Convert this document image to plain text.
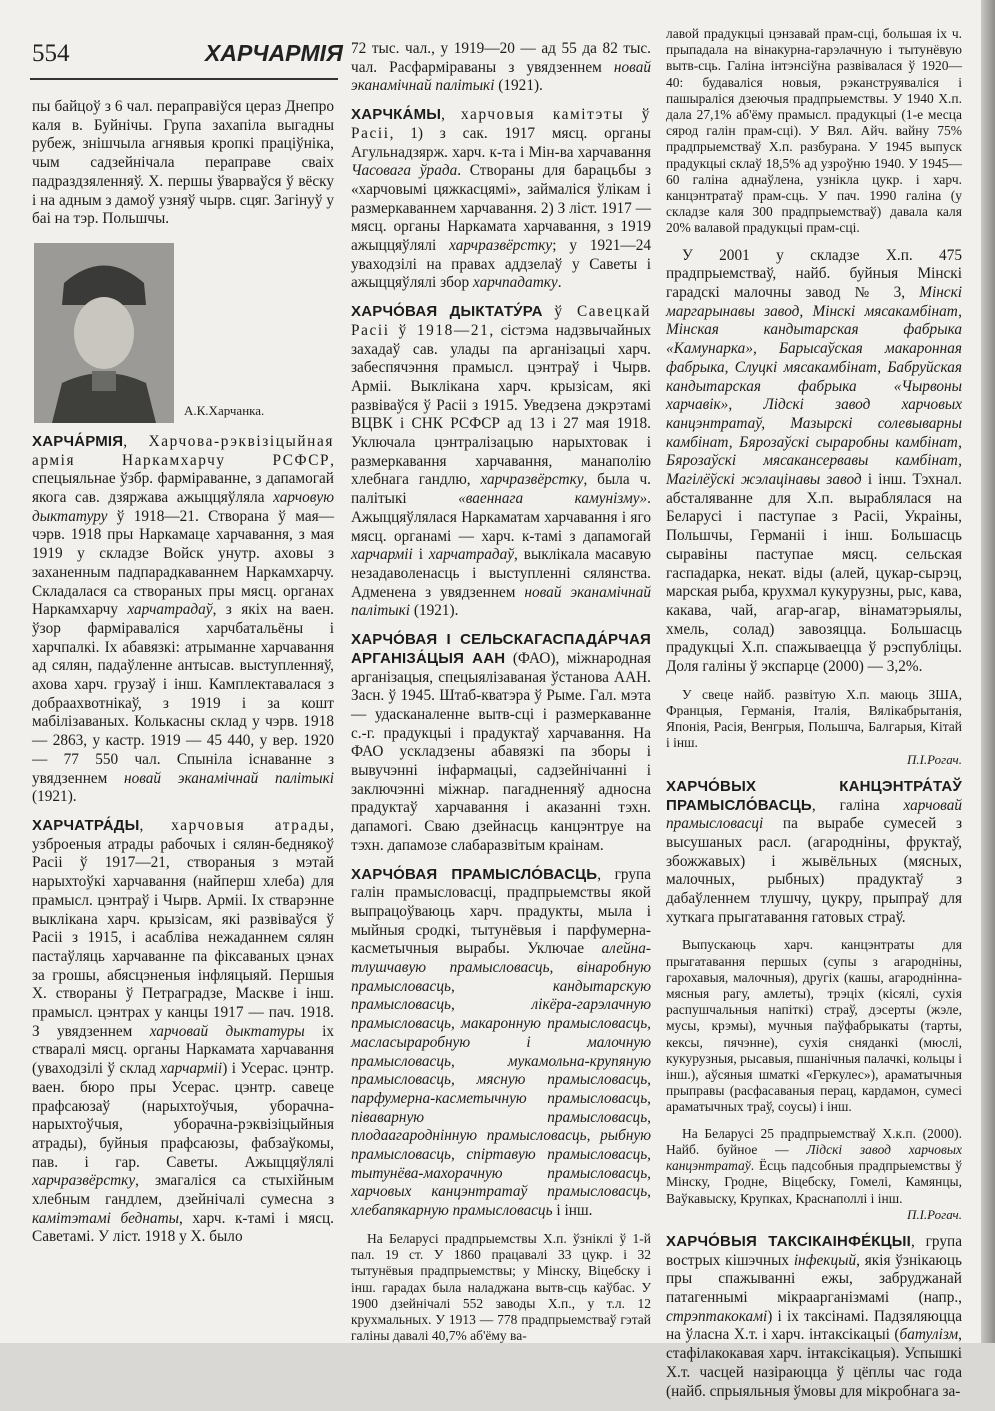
554	ХАРЧАРМІЯ

пы байцоў з 6 чал. пераправіўся цераз Днепро каля в. Буйнічы. Група захапіла выгадны рубеж, знішчыла агнявыя кропкі праціўніка, чым садзейнічала пераправе сваіх падраздзяленняў. Х. першы ўварваўся ў вёску і на адным з дамоў узняў чырв. сцяг. Загінуў у баі на тэр. Польшчы.

А.К.Харчанка.

ХАРЧА́РМІЯ, Харчова-рэквізіцыйная армія Наркамхарчу РСФСР, спецыяльнае ўзбр. фарміраванне, з дапамогай якога сав. дзяржава ажыццяўляла харчовую дыктатуру ў 1918—21. Створана ў мая—чэрв. 1918 пры Наркамаце харчавання, з мая 1919 у складзе Войск унутр. аховы з заханенным падпарадкаваннем Наркамхарчу. Складалася са створаных пры мясц. органах Наркамхарчу харчатрадаў, з якіх на ваен. ўзор фарміраваліся харчбатальёны і харчпалкі. Іх абавязкі: атрыманне харчавання ад сялян, падаўленне антысав. выступленняў, ахова харч. грузаў і інш. Камплектавалася з добраахвотнікаў, з 1919 і за кошт мабілізаваных. Колькасны склад у чэрв. 1918 — 2863, у кастр. 1919 — 45 440, у вер. 1920 — 77 550 чал. Спыніла існаванне з увядзеннем новай эканамічнай палітыкі (1921).

ХАРЧАТРА́ДЫ, харчовыя атрады, узброеныя атрады рабочых і сялян-беднякоў Расіі ў 1917—21, створаныя з мэтай нарыхтоўкі харчавання (найперш хлеба) для прамысл. цэнтраў і Чырв. Арміі. Іх стварэнне выклікана харч. крызісам, які развіваўся ў Расіі з 1915, і асабліва нежаданнем сялян пастаўляць харчаванне па фіксаваных цэнах за грошы, абясцэненыя інфляцыяй. Першыя Х. створаны ў Петраградзе, Маскве і інш. прамысл. цэнтрах у канцы 1917 — пач. 1918. З увядзеннем харчовай дыктатуры іх стваралі мясц. органы Наркамата харчавання (уваходзілі ў склад харчарміі) і Усерас. цэнтр. ваен. бюро пры Усерас. цэнтр. савеце прафсаюзаў (нарыхтоўчыя, уборачна-нарыхтоўчыя, уборачна-рэквізіцыйныя атрады), буйныя прафсаюзы, фабзаўкомы, пав. і гар. Саветы. Ажыццяўлялі харчразвёрстку, змагаліся са стыхійным хлебным гандлем, дзейнічалі сумесна з камітэтамі беднаты, харч. к-тамі і мясц. Саветамі. У ліст. 1918 у Х. было

72 тыс. чал., у 1919—20 — ад 55 да 82 тыс. чал. Расфарміраваны з увядзеннем новай эканамічнай палітыкі (1921).

ХАРЧКА́МЫ, харчовыя камітэты ў Расіі, 1) з сак. 1917 мясц. органы Агульнадзярж. харч. к-та і Мін-ва харчавання Часовага ўрада. Створаны для барацьбы з «харчовымі цяжкасцямі», займаліся ўлікам і размеркаваннем харчавання. 2) З ліст. 1917 — мясц. органы Наркамата харчавання, з 1919 ажыццяўлялі харчразвёрстку; у 1921—24 уваходзілі на правах аддзелаў у Саветы і ажыццяўлялі збор харчпадатку.

ХАРЧО́ВАЯ ДЫКТАТУ́РА ў Савецкай Расіі ў 1918—21, сістэма надзвычайных захадаў сав. улады па арганізацыі харч. забеспячэння прамысл. цэнтраў і Чырв. Арміі. Выклікана харч. крызісам, які развіваўся ў Расіі з 1915. Уведзена дэкрэтамі ВЦВК і СНК РСФСР ад 13 і 27 мая 1918. Уключала цэнтралізацыю нарыхтовак і размеркавання харчавання, манаполію хлебнага гандлю, харчразвёрстку, была ч. палітыкі «ваеннага камунізму». Ажыццяўлялася Наркаматам харчавання і яго мясц. органамі — харч. к-тамі з дапамогай харчарміі і харчатрадаў, выклікала масавую незадаволенасць і выступленні сялянства. Адменена з увядзеннем новай эканамічнай палітыкі (1921).

ХАРЧО́ВАЯ І СЕЛЬСКАГАСПАДА́РЧАЯ АРГАНІЗА́ЦЫЯ ААН (ФАО), міжнародная арганізацыя, спецыялізаваная ўстанова ААН. Засн. ў 1945. Штаб-кватэра ў Рыме. Гал. мэта — удасканаленне вытв-сці і размеркаванне с.-г. прадукцыі і прадуктаў харчавання. На ФАО ускладзены абавязкі па зборы і вывучэнні інфармацыі, садзейнічанні і заключэнні міжнар. пагадненняў адносна прадуктаў харчавання і аказанні тэхн. дапамогі. Сваю дзейнасць канцэнтруе на тэхн. дапамозе слабаразвітым краінам.

ХАРЧО́ВАЯ ПРАМЫСЛО́ВАСЦЬ, група галін прамысловасці, прадпрыемствы якой выпрацоўваюць харч. прадукты, мыла і мыйныя сродкі, тытунёвыя і парфумерна-касметычныя вырабы. Уключае алейна-тлушчавую прамысловасць, вінаробную прамысловасць, кандытарскую прамысловасць, лікёра-гарэлачную прамысловасць, макаронную прамысловасць, масласыраробную і малочную прамысловасць, мукамольна-крупяную прамысловасць, мясную прамысловасць, парфумерна-касметычную прамысловасць, піваварную прамысловасць, плодаагароднінную прамысловасць, рыбную прамысловасць, спіртавую прамысловасць, тытунёва-махорачную прамысловасць, харчовых канцэнтратаў прамысловасць, хлебапякарную прамысловасць і інш.

На Беларусі прадпрыемствы Х.п. ўзніклі ў 1-й пал. 19 ст. У 1860 працавалі 33 цукр. і 32 тытунёвыя прадпрыемствы; у Мінску, Віцебску і інш. гарадах была наладжана вытв-сць каўбас. У 1900 дзейнічалі 552 заводы Х.п., у т.л. 12 крухмальных. У 1913 — 778 прадпрыемстваў гэтай галіны давалі 40,7% аб'ёму ва-

лавой прадукцыі цэнзавай прам-сці, большая іх ч. прыпадала на вінакурна-гарэлачную і тытунёвую вытв-сць. Галіна інтэнсіўна развівалася ў 1920—40: будаваліся новыя, рэканструяваліся і пашыраліся дзеючыя прадпрыемствы. У 1940 Х.п. дала 27,1% аб'ёму прамысл. прадукцыі (1-е месца сярод галін прам-сці). У Вял. Айч. вайну 75% прадпрыемстваў Х.п. разбурана. У 1945 выпуск прадукцыі склаў 18,5% ад узроўню 1940. У 1945—60 галіна аднаўлена, узнікла цукр. і харч. канцэнтратаў прам-сць. У пач. 1990 галіна (у складзе каля 300 прадпрыемстваў) давала каля 20% валавой прадукцыі прам-сці.

У 2001 у складзе Х.п. 475 прадпрыемстваў, найб. буйныя Мінскі гарадскі малочны завод № 3, Мінскі маргарынавы завод, Мінскі мясакамбінат, Мінская кандытарская фабрыка «Камунарка», Барысаўская макаронная фабрыка, Слуцкі мясакамбінат, Бабруйская кандытарская фабрыка «Чырвоны харчавік», Лідскі завод харчовых канцэнтратаў, Мазырскі солевыварны камбінат, Бярозаўскі сыраробны камбінат, Бярозаўскі мясакансервавы камбінат, Магілёўскі жэлацінавы завод і інш. Тэхнал. абсталяванне для Х.п. выраблялася на Беларусі і паступае з Расіі, Украіны, Польшчы, Германіі і інш. Большасць сыравіны паступае мясц. сельская гаспадарка, некат. віды (алей, цукар-сырэц, марская рыба, крухмал кукурузны, рыс, кава, какава, чай, агар-агар, вінаматэрыялы, хмель, солад) завозяцца. Большасць прадукцыі Х.п. спажываецца ў рэспубліцы. Доля галіны ў экспарце (2000) — 3,2%.

У свеце найб. развітую Х.п. маюць ЗША, Францыя, Германія, Італія, Вялікабрытанія, Японія, Расія, Венгрыя, Польшча, Балгарыя, Кітай і інш.
П.І.Рогач.

ХАРЧО́ВЫХ КАНЦЭНТРА́ТАЎ ПРАМЫСЛО́ВАСЦЬ, галіна харчовай прамысловасці па вырабе сумесей з высушаных расл. (агародніны, фруктаў, збожжавых) і жывёльных (мясных, малочных, рыбных) прадуктаў з дабаўленнем тлушчу, цукру, прыпраў для хуткага прыгатавання гатовых страў.

Выпускаюць харч. канцэнтраты для прыгатавання першых (супы з агародніны, гарохавыя, малочныя), другіх (кашы, агароднінна-мясныя рагу, амлеты), трэціх (кісялі, сухія распушчальныя напіткі) страў, дэсерты (жэле, мусы, крэмы), мучныя паўфабрыкаты (тарты, кексы, пячэнне), сухія сняданкі (мюслі, кукурузныя, рысавыя, пшанічныя палачкі, кольцы і інш.), аўсяныя шматкі «Геркулес»), араматычныя прыправы (расфасаваныя перац, кардамон, сумесі араматычных траў, соусы) і інш.

На Беларусі 25 прадпрыемстваў Х.к.п. (2000). Найб. буйное — Лідскі завод харчовых канцэнтратаў. Ёсць падсобныя прадпрыемствы ў Мінску, Гродне, Віцебску, Гомелі, Камянцы, Ваўкавыску, Крупках, Краснаполлі і інш.
П.І.Рогач.

ХАРЧО́ВЫЯ ТАКСІКАІНФЕ́КЦЫІ, група вострых кішэчных інфекцый, якія ўзнікаюць пры спажыванні ежы, забруджанай патагеннымі мікраарганізмамі (напр., стрэптакокамі) і іх таксінамі. Падзяляюцца на ўласна Х.т. і харч. інтаксікацыі (батулізм, стафілакокавая харч. інтаксікацыя). Успышкі Х.т. часцей назіраюцца ў цёплы час года (найб. спрыяльныя ўмовы для мікробнага за-
